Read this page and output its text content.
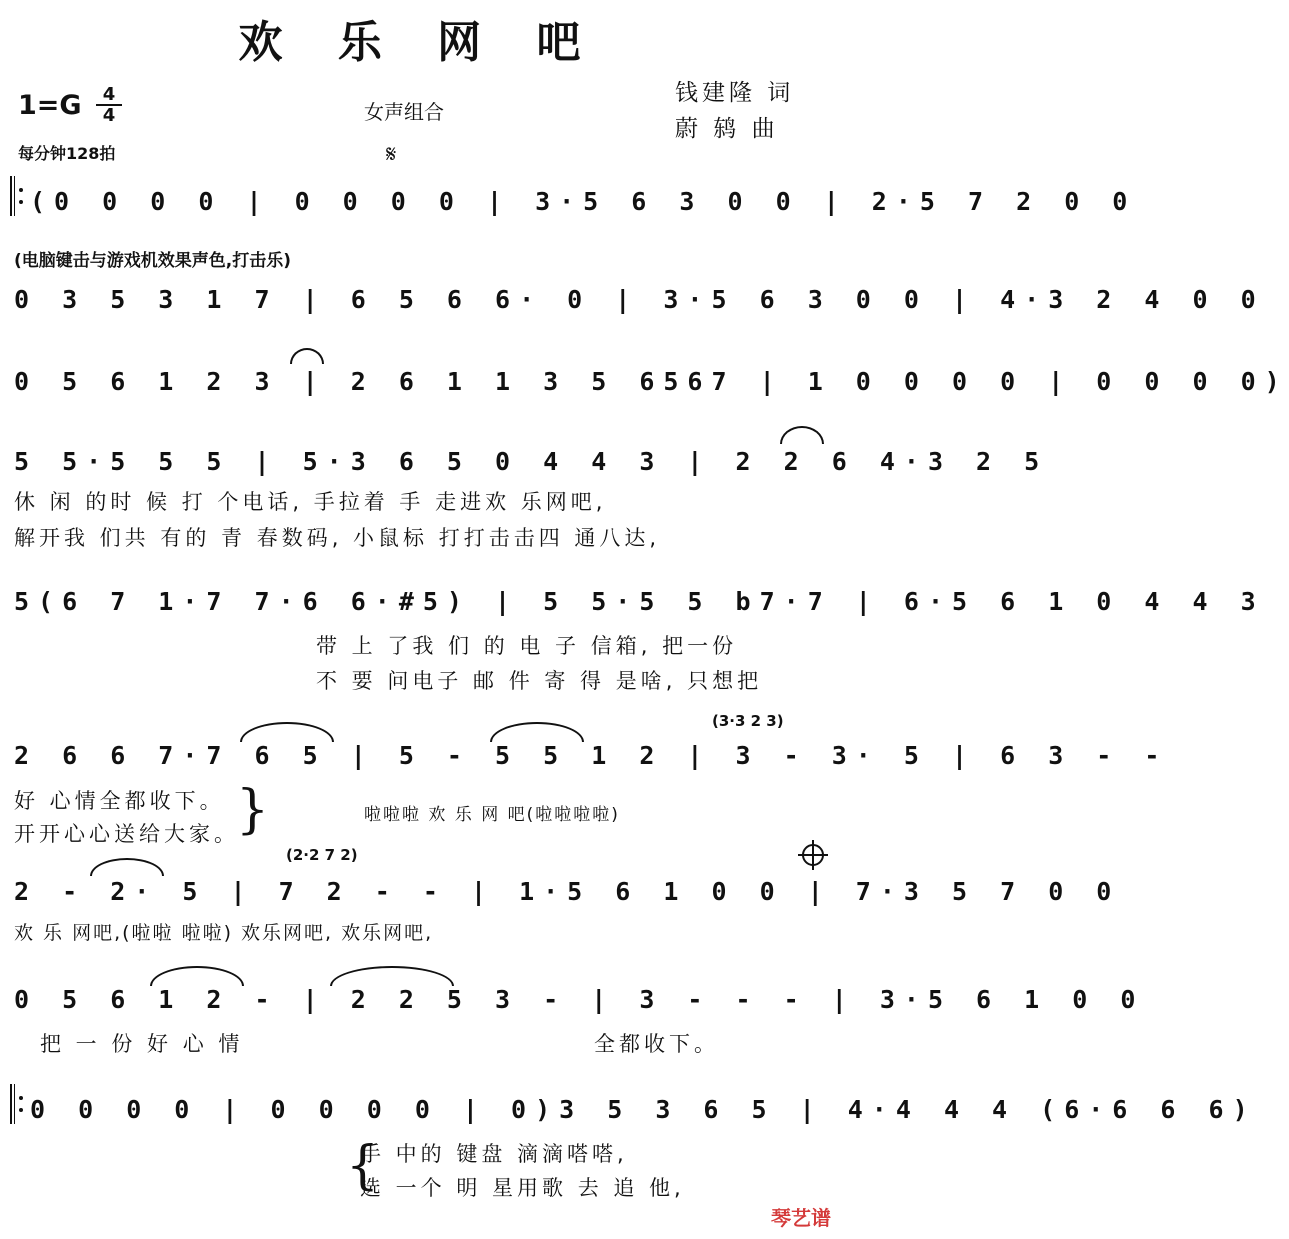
欢 乐 网 吧
1=G	4
4
每分钟128拍
女声组合
钱建隆 词
蔚 鸫 曲
𝄋
(0 0 0 0 | 0 0 0 0 | 3·5 6 3 0 0 | 2·5 7 2 0 0
(电脑键击与游戏机效果声色,打击乐)
0 3 5 3 1 7 | 6 5 6 6· 0 | 3·5 6 3 0 0 | 4·3 2 4 0 0
0 5 6 1 2 3 | 2 6 1 1 3 5 6567 | 1 0 0 0 0 | 0 0 0 0)
5 5·5 5 5 | 5·3 6 5 0 4 4 3 | 2 2 6 4·3 2 5
休 闲 的时 候 打 个电话, 手拉着 手 走进欢 乐网吧,
解开我 们共 有的 青 春数码, 小鼠标 打打击击四 通八达,
5(6 7 1·7 7·6 6·#5) | 5 5·5 5 b7·7 | 6·5 6 1 0 4 4 3
带 上 了我 们 的 电 子 信箱, 把一份
不 要 问电子 邮 件 寄 得 是啥, 只想把
(3·3 2 3)
2 6 6 7·7 6 5 | 5 - 5 5 1 2 | 3 - 3· 5 | 6 3 - -
好 心情全都收下。
开开心心送给大家。
}	啦啦啦 欢 乐 网 吧(啦啦啦啦)
(2·2 7 2)
2 - 2· 5 | 7 2 - - | 1·5 6 1 0 0 | 7·3 5 7 0 0
欢 乐 网吧,(啦啦 啦啦) 欢乐网吧, 欢乐网吧,
0 5 6 1 2 - | 2 2 5 3 - | 3 - - - | 3·5 6 1 0 0
把 一 份 好 心 情	全都收下。
0 0 0 0 | 0 0 0 0 | 0)3 5 3 6 5 | 4·4 4 4 (6·6 6 6)
手 中的 键盘 滴滴嗒嗒,
选 一个 明 星用歌 去 追 他,
{
琴艺谱
